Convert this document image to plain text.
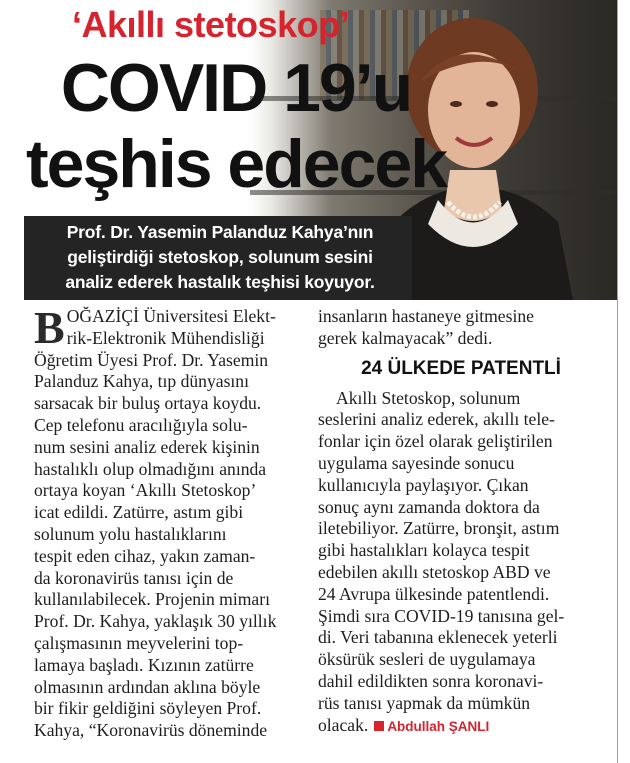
‘Akıllı stetoskop’
COVID 19’u
teşhis edecek
Prof. Dr. Yasemin Palanduz Kahya’nın
geliştirdiği stetoskop, solunum sesini
analiz ederek hastalık teşhisi koyuyor.
B OĞAZİÇİ Üniversitesi Elekt-
rik-Elektronik Mühendisliği
Öğretim Üyesi Prof. Dr. Yasemin
Palanduz Kahya, tıp dünyasını
sarsacak bir buluş ortaya koydu.
Cep telefonu aracılığıyla solu-
num sesini analiz ederek kişinin
hastalıklı olup olmadığını anında
ortaya koyan ‘Akıllı Stetoskop’
icat edildi. Zatürre, astım gibi
solunum yolu hastalıklarını
tespit eden cihaz, yakın zaman-
da koronavirüs tanısı için de
kullanılabilecek. Projenin mimarı
Prof. Dr. Kahya, yaklaşık 30 yıllık
çalışmasının meyvelerini top-
lamaya başladı. Kızının zatürre
olmasının ardından aklına böyle
bir fikir geldiğini söyleyen Prof.
Kahya, “Koronavirüs döneminde
insanların hastaneye gitmesine
gerek kalmayacak” dedi.
24 ÜLKEDE PATENTLİ
Akıllı Stetoskop, solunum
seslerini analiz ederek, akıllı tele-
fonlar için özel olarak geliştirilen
uygulama sayesinde sonucu
kullanıcıyla paylaşıyor. Çıkan
sonuç aynı zamanda doktora da
iletebiliyor. Zatürre, bronşit, astım
gibi hastalıkları kolayca tespit
edebilen akıllı stetoskop ABD ve
24 Avrupa ülkesinde patentlendi.
Şimdi sıra COVID-19 tanısına gel-
di. Veri tabanına eklenecek yeterli
öksürük sesleri de uygulamaya
dahil edildikten sonra koronavi-
rüs tanısı yapmak da mümkün
olacak. Abdullah ŞANLI
